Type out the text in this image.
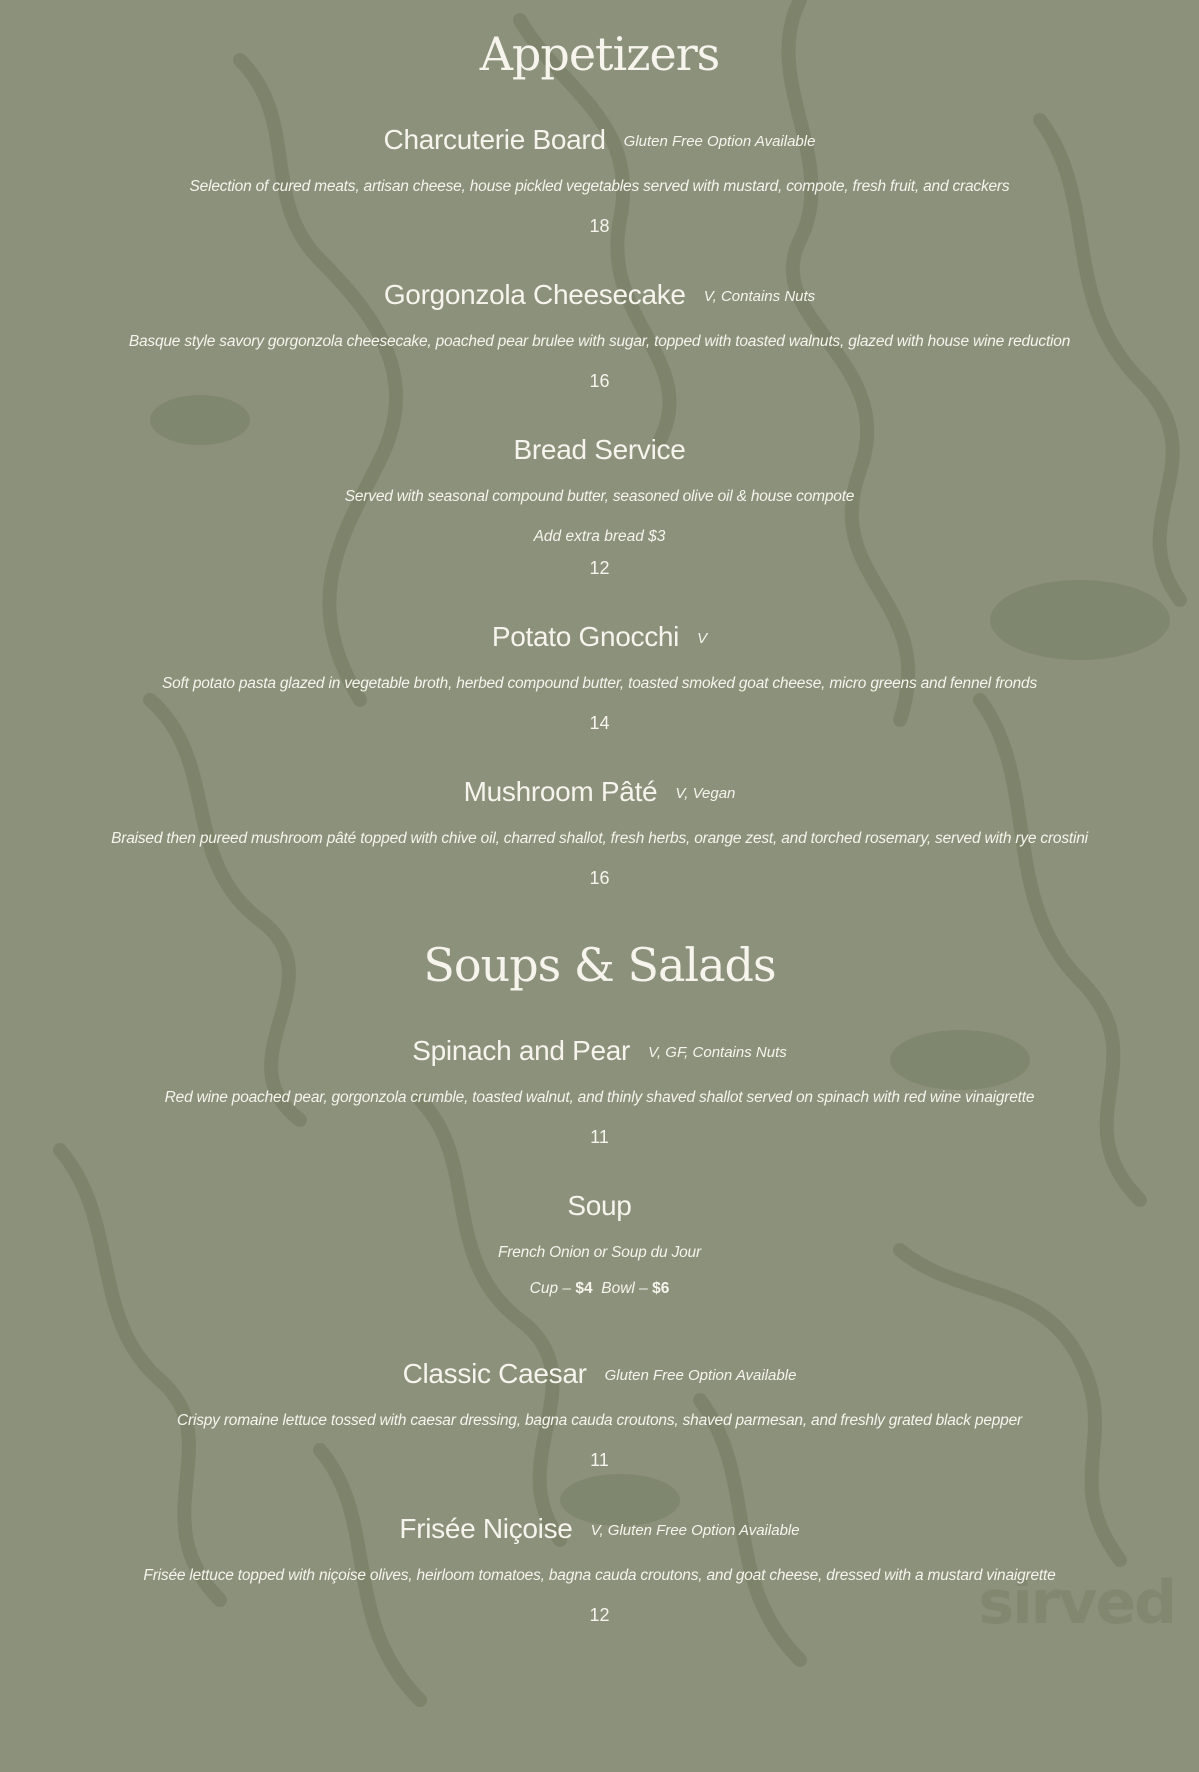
sirved
Appetizers
Charcuterie Board Gluten Free Option Available
Selection of cured meats, artisan cheese, house pickled vegetables served with mustard, compote, fresh fruit, and crackers
18
Gorgonzola Cheesecake V, Contains Nuts
Basque style savory gorgonzola cheesecake, poached pear brulee with sugar, topped with toasted walnuts, glazed with house wine reduction
16
Bread Service
Served with seasonal compound butter, seasoned olive oil & house compote
Add extra bread $3
12
Potato Gnocchi V
Soft potato pasta glazed in vegetable broth, herbed compound butter, toasted smoked goat cheese, micro greens and fennel fronds
14
Mushroom Pâté V, Vegan
Braised then pureed mushroom pâté topped with chive oil, charred shallot, fresh herbs, orange zest, and torched rosemary, served with rye crostini
16
Soups & Salads
Spinach and Pear V, GF, Contains Nuts
Red wine poached pear, gorgonzola crumble, toasted walnut, and thinly shaved shallot served on spinach with red wine vinaigrette
11
Soup
French Onion or Soup du Jour
Cup – $4 Bowl – $6
Classic Caesar Gluten Free Option Available
Crispy romaine lettuce tossed with caesar dressing, bagna cauda croutons, shaved parmesan, and freshly grated black pepper
11
Frisée Niçoise V, Gluten Free Option Available
Frisée lettuce topped with niçoise olives, heirloom tomatoes, bagna cauda croutons, and goat cheese, dressed with a mustard vinaigrette
12
